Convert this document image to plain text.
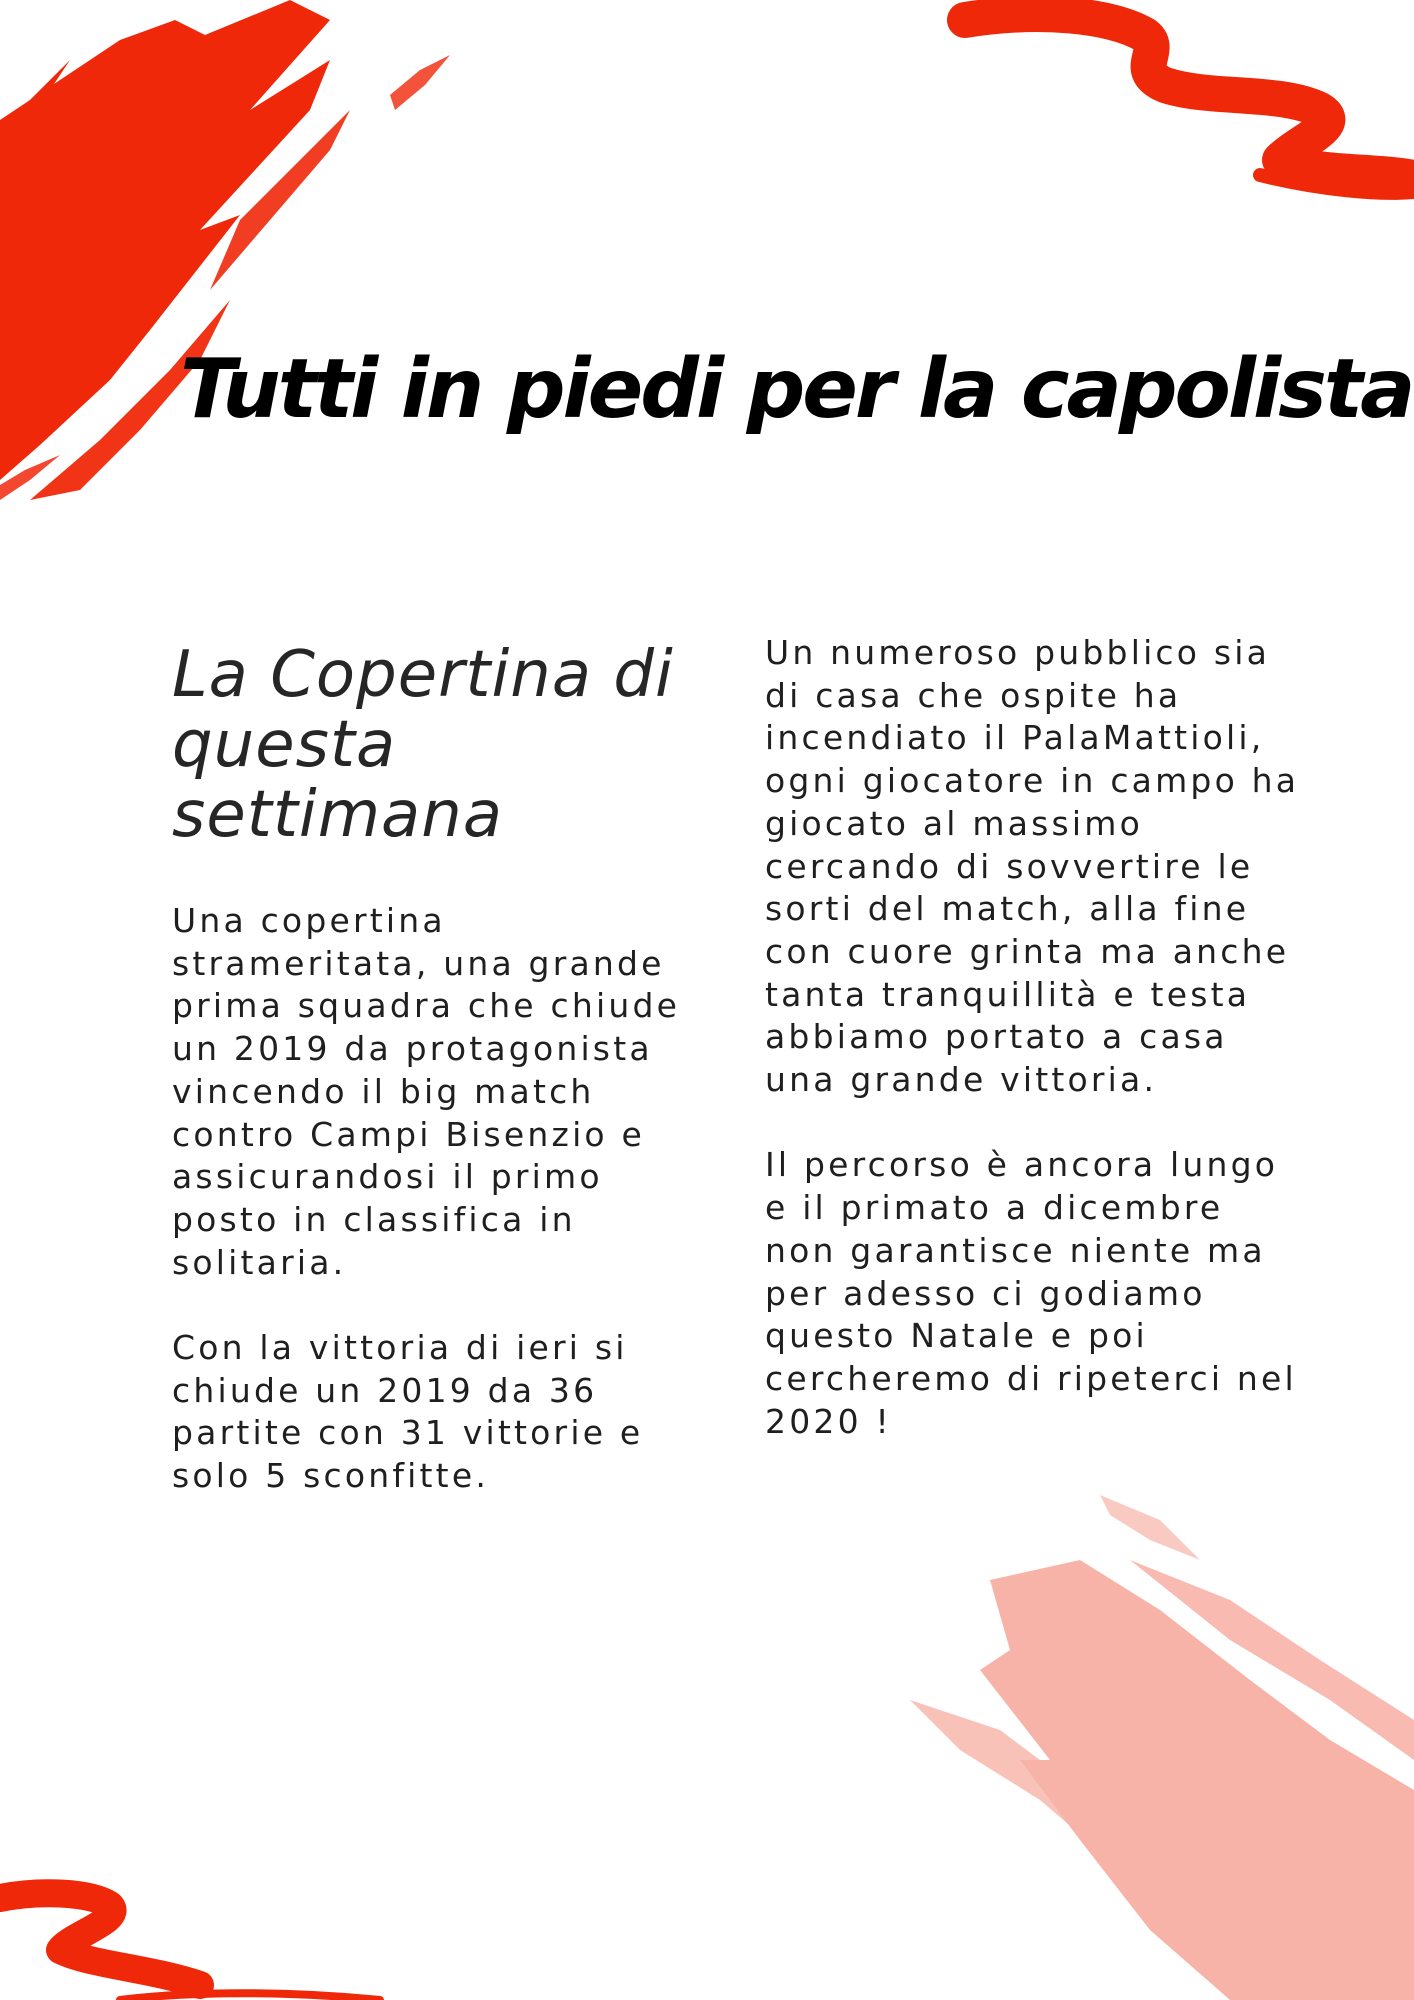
Tutti in piedi per la capolista
La Copertina di questa settimana

Una copertina strameritata, una grande prima squadra che chiude un 2019 da protagonista vincendo il big match contro Campi Bisenzio e assicurandosi il primo posto in classifica in solitaria.

Con la vittoria di ieri si chiude un 2019 da 36 partite con 31 vittorie e solo 5 sconfitte.

Un numeroso pubblico sia di casa che ospite ha incendiato il PalaMattioli, ogni giocatore in campo ha giocato al massimo cercando di sovvertire le sorti del match, alla fine con cuore grinta ma anche tanta tranquillità e testa abbiamo portato a casa una grande vittoria.

Il percorso è ancora lungo e il primato a dicembre non garantisce niente ma per adesso ci godiamo questo Natale e poi cercheremo di ripeterci nel 2020 !
